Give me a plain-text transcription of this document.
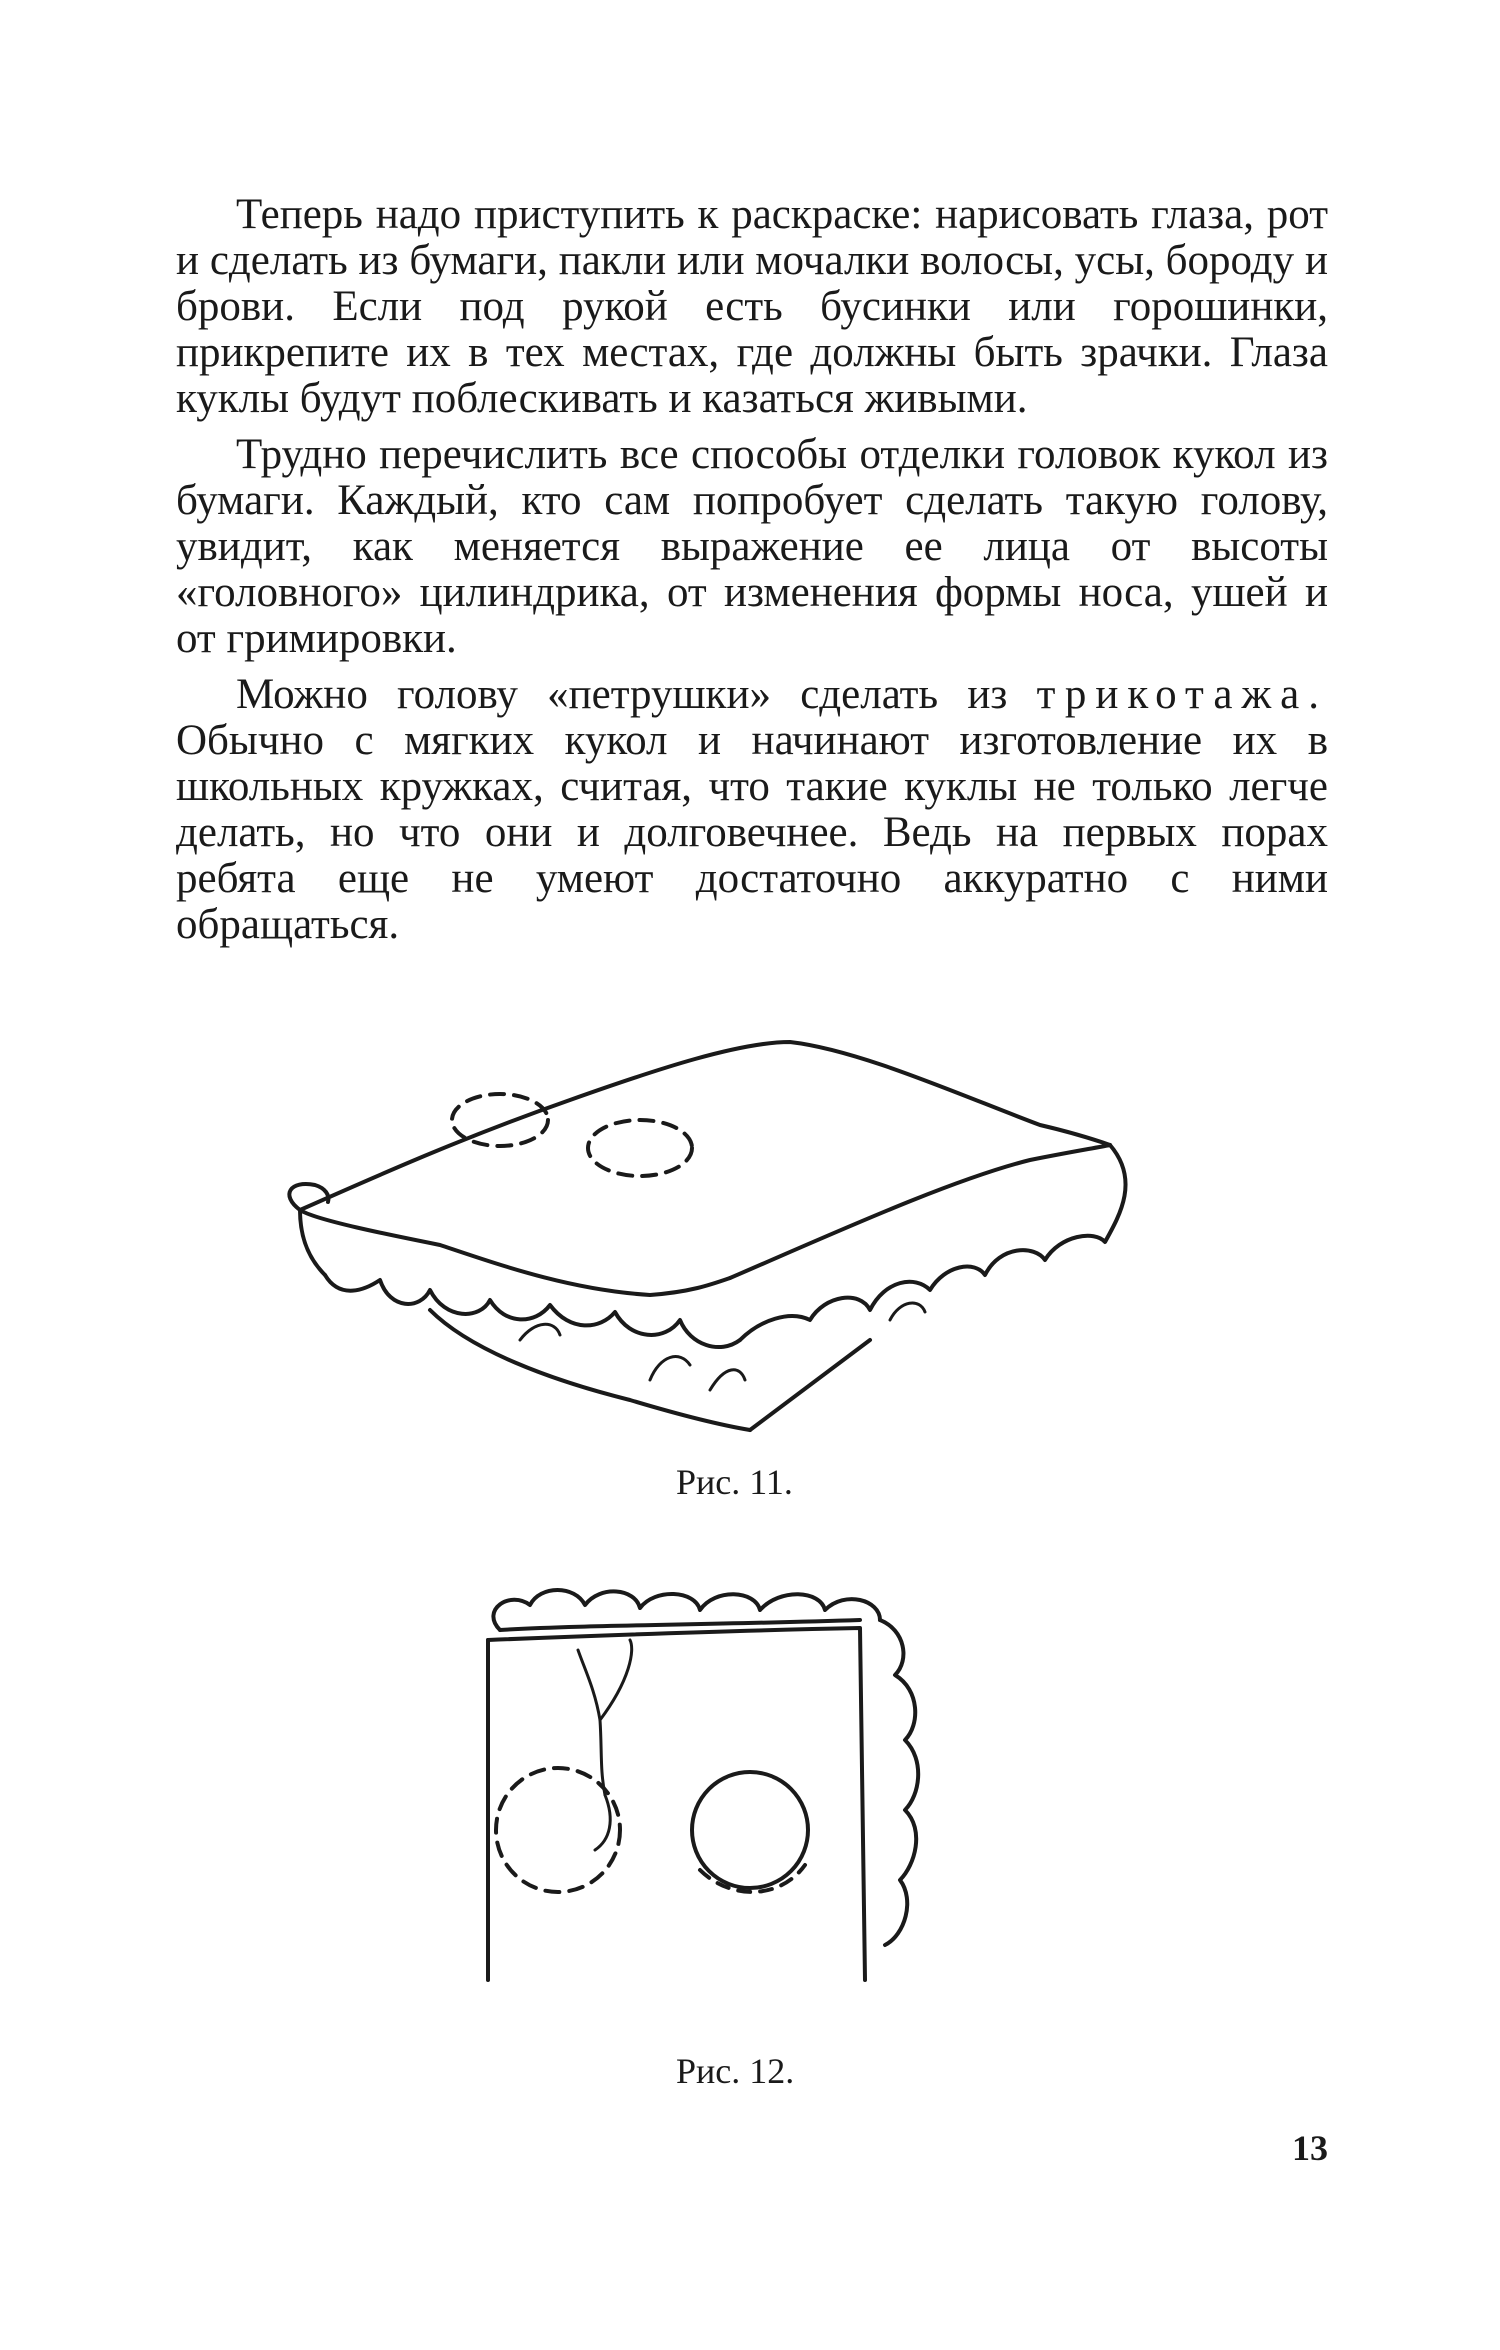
Теперь надо приступить к раскраске: нарисовать глаза, рот и сделать из бумаги, пакли или мочалки волосы, усы, бороду и брови. Если под рукой есть бусинки или горошинки, прикрепите их в тех местах, где должны быть зрачки. Глаза куклы будут поблескивать и казаться живыми.

Трудно перечислить все способы отделки головок кукол из бумаги. Каждый, кто сам попробует сделать такую голову, увидит, как меняется выражение ее лица от высоты «головного» цилиндрика, от изменения формы носа, ушей и от гримировки.

Можно голову «петрушки» сделать из трикотажа. Обычно с мягких кукол и начинают изготовление их в школьных кружках, считая, что такие куклы не только легче делать, но что они и долговечнее. Ведь на первых порах ребята еще не умеют достаточно аккуратно с ними обращаться.

Рис. 11.
Рис. 12.
13
